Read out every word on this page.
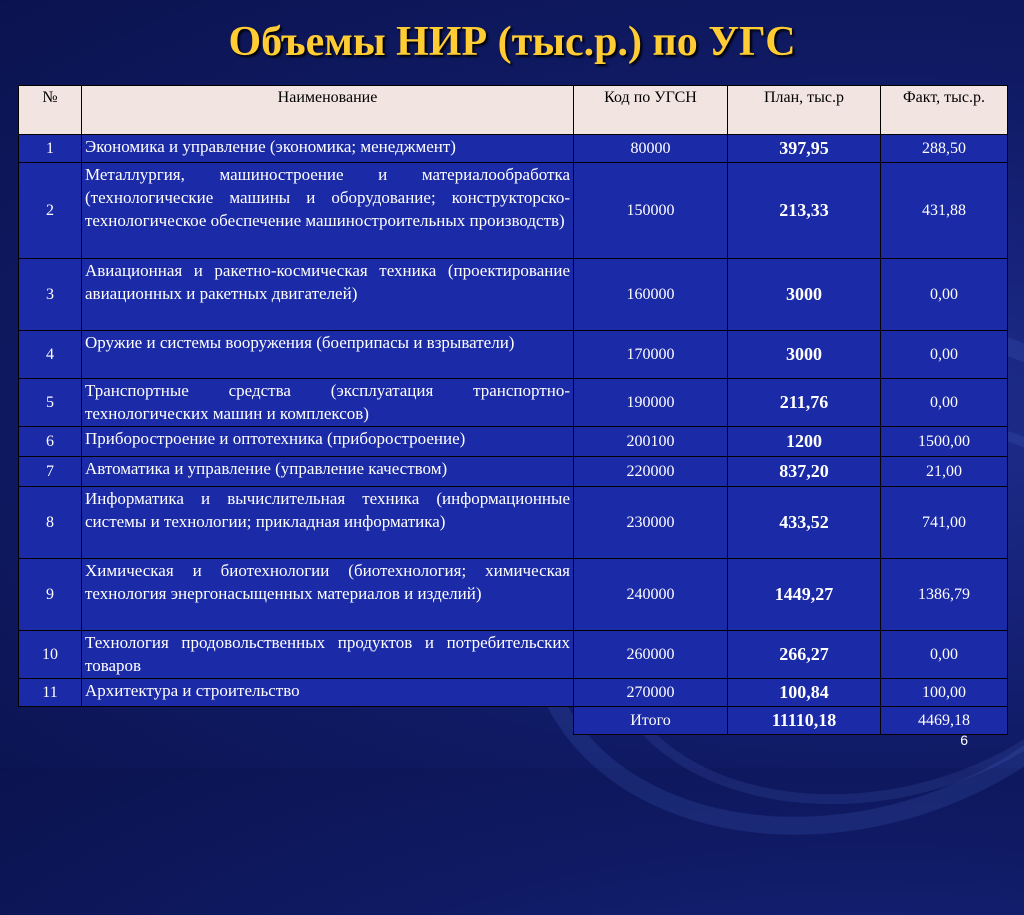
Объемы НИР (тыс.р.) по УГС
№	Наименование	Код по УГСН	План, тыс.р	Факт, тыс.р.
1	Экономика и управление (экономика; менеджмент)	80000	397,95	288,50
2	Металлургия, машиностроение и материалообработка (технологические машины и оборудование; конструкторско-технологическое обеспечение машиностроительных производств)	150000	213,33	431,88
3	Авиационная и ракетно-космическая техника (проектирование авиационных и ракетных двигателей)	160000	3000	0,00
4	Оружие и системы вооружения (боеприпасы и взрыватели)	170000	3000	0,00
5	Транспортные средства (эксплуатация транспортно-технологических машин и комплексов)	190000	211,76	0,00
6	Приборостроение и оптотехника (приборостроение)	200100	1200	1500,00
7	Автоматика и управление (управление качеством)	220000	837,20	21,00
8	Информатика и вычислительная техника (информационные системы и технологии; прикладная информатика)	230000	433,52	741,00
9	Химическая и биотехнологии (биотехнология; химическая технология энергонасыщенных материалов и изделий)	240000	1449,27	1386,79
10	Технология продовольственных продуктов и потребительских товаров	260000	266,27	0,00
11	Архитектура и строительство	270000	100,84	100,00
		Итого	11110,18	4469,18
6
